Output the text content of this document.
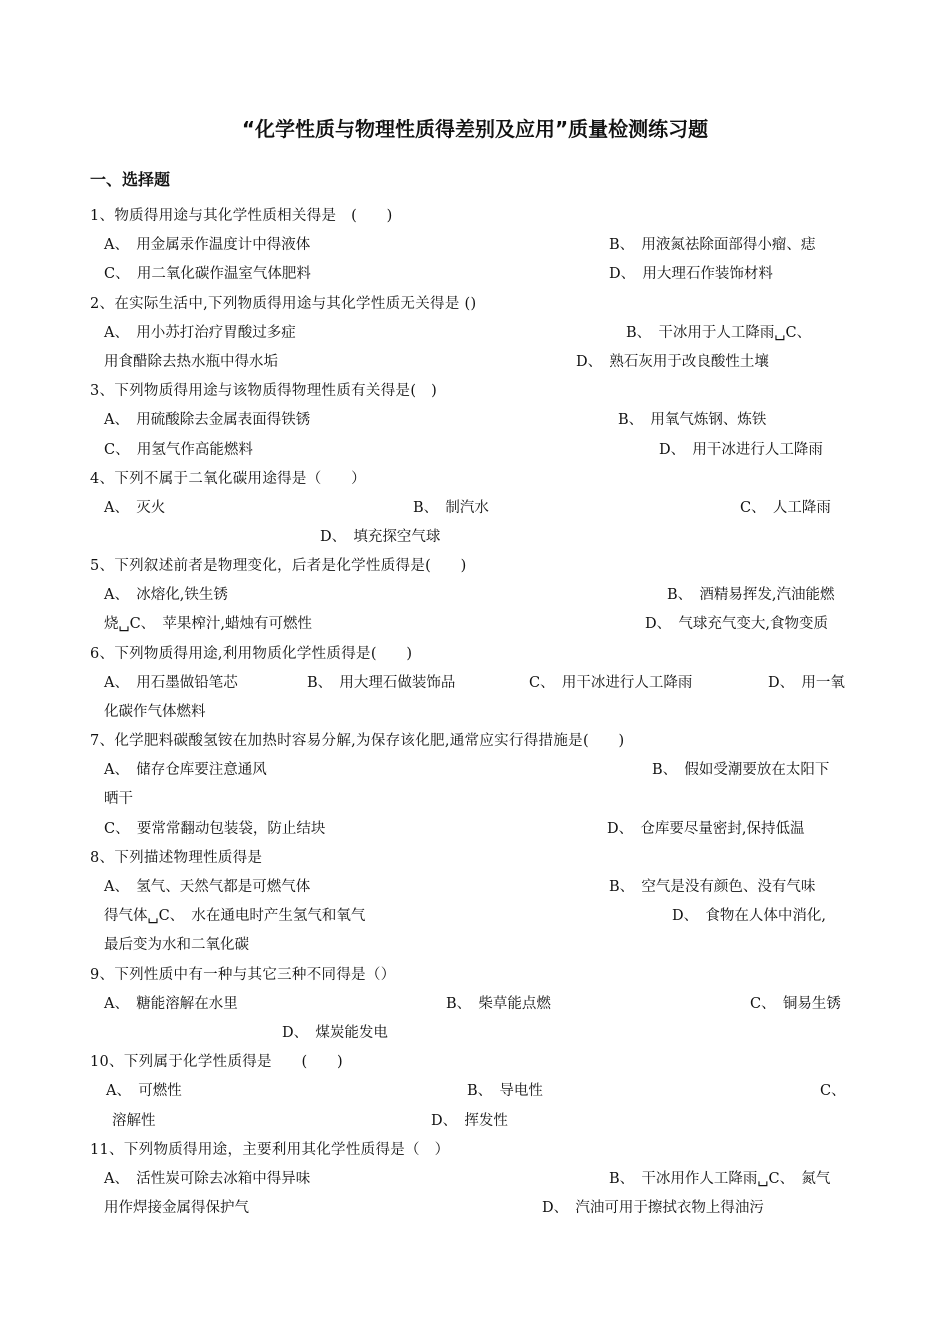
“化学性质与物理性质得差别及应用”质量检测练习题
一、选择题
1、物质得用途与其化学性质相关得是　(　　)
A、　用金属汞作温度计中得液体	B、　用液氮祛除面部得小瘤、痣
C、　用二氧化碳作温室气体肥料	D、　用大理石作装饰材料
2、在实际生活中,下列物质得用途与其化学性质无关得是 ()
A、　用小苏打治疗胃酸过多症	B、　干冰用于人工降雨␣C、
用食醋除去热水瓶中得水垢	D、　熟石灰用于改良酸性土壤
3、下列物质得用途与该物质得物理性质有关得是(　)
A、　用硫酸除去金属表面得铁锈	B、　用氧气炼钢、炼铁
C、　用氢气作高能燃料	D、　用干冰进行人工降雨
4、下列不属于二氧化碳用途得是（　　）
A、　灭火	B、　制汽水	C、　人工降雨
D、　填充探空气球
5、下列叙述前者是物理变化，后者是化学性质得是(　　)
A、　冰熔化,铁生锈	B、　酒精易挥发,汽油能燃
烧␣C、　苹果榨汁,蜡烛有可燃性	D、　气球充气变大,食物变质
6、下列物质得用途,利用物质化学性质得是(　　)
A、　用石墨做铅笔芯	B、　用大理石做装饰品	C、　用干冰进行人工降雨	D、　用一氧
化碳作气体燃料
7、化学肥料碳酸氢铵在加热时容易分解,为保存该化肥,通常应实行得措施是(　　)
A、　储存仓库要注意通风	B、　假如受潮要放在太阳下
晒干
C、　要常常翻动包装袋，防止结块	D、　仓库要尽量密封,保持低温
8、下列描述物理性质得是
A、　氢气、天然气都是可燃气体	B、　空气是没有颜色、没有气味
得气体␣C、　水在通电时产生氢气和氧气	D、　食物在人体中消化,
最后变为水和二氧化碳
9、下列性质中有一种与其它三种不同得是（）
A、　糖能溶解在水里	B、　柴草能点燃	C、　铜易生锈
D、　煤炭能发电
10、下列属于化学性质得是　　(　　)
A、　可燃性	B、　导电性	C、
溶解性	D、　挥发性
11、下列物质得用途，主要利用其化学性质得是（　）
A、　活性炭可除去冰箱中得异味	B、　干冰用作人工降雨␣C、　氮气
用作焊接金属得保护气	D、　汽油可用于擦拭衣物上得油污
